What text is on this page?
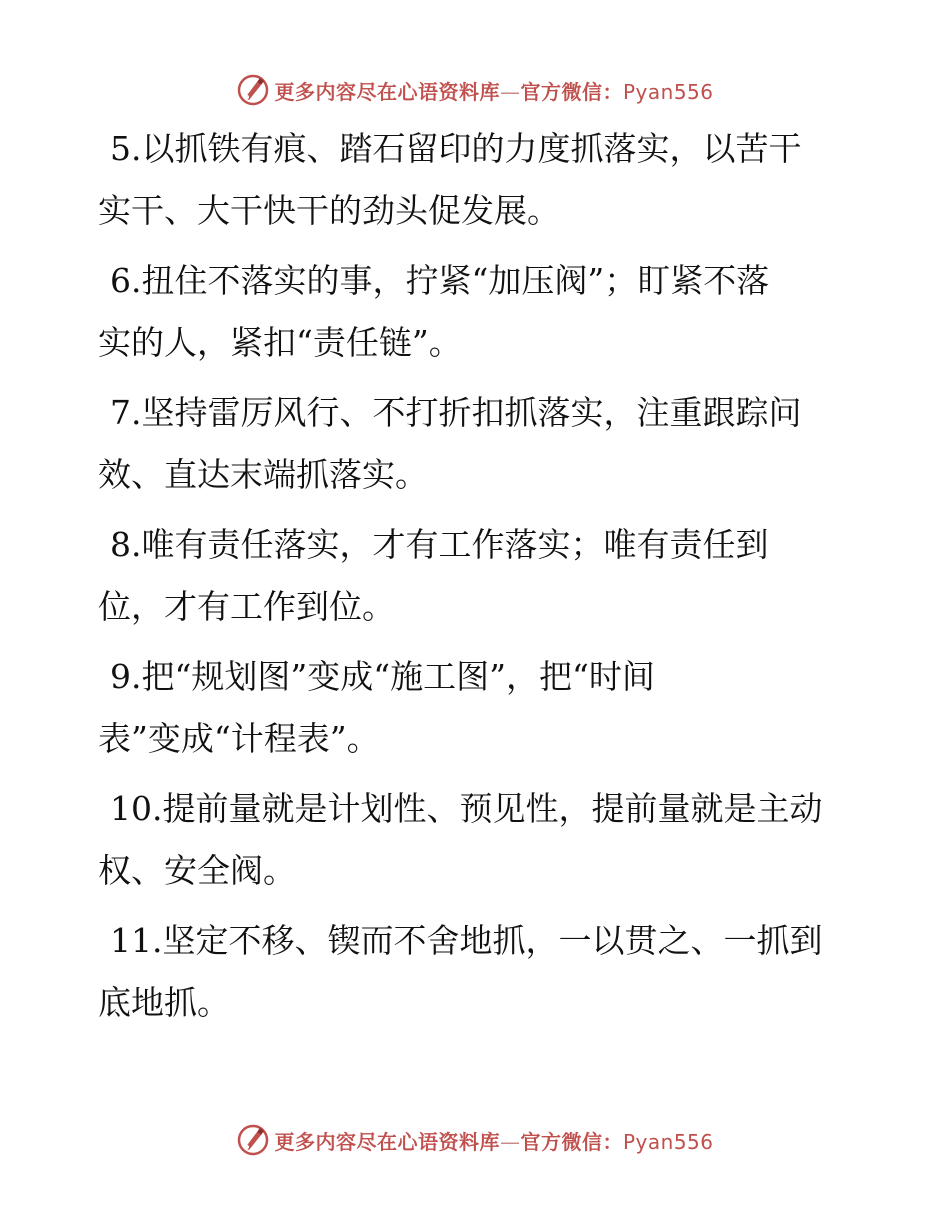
更多内容尽在心语资料库—官方微信：Pyan556

5.以抓铁有痕、踏石留印的力度抓落实，以苦干
实干、大干快干的劲头促发展。

6.扭住不落实的事，拧紧“加压阀”；盯紧不落
实的人，紧扣“责任链”。

7.坚持雷厉风行、不打折扣抓落实，注重跟踪问
效、直达末端抓落实。

8.唯有责任落实，才有工作落实；唯有责任到
位，才有工作到位。

9.把“规划图”变成“施工图”，把“时间
表”变成“计程表”。

10.提前量就是计划性、预见性，提前量就是主动
权、安全阀。

11.坚定不移、锲而不舍地抓，一以贯之、一抓到
底地抓。

更多内容尽在心语资料库—官方微信：Pyan556
